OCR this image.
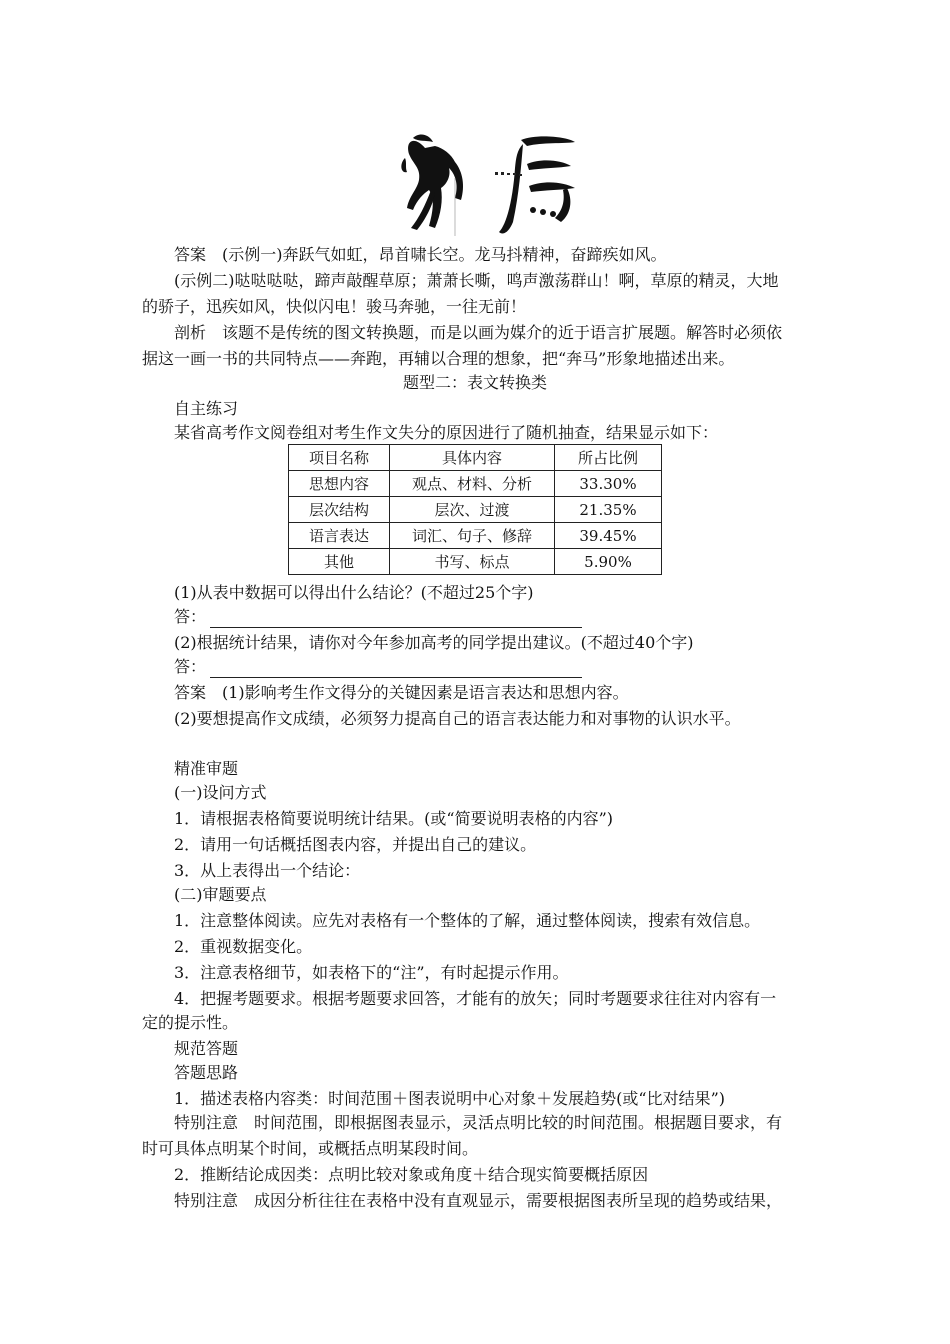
答案　(示例一)奔跃气如虹，昂首啸长空。龙马抖精神，奋蹄疾如风。
(示例二)哒哒哒哒，蹄声敲醒草原；萧萧长嘶，鸣声激荡群山！啊，草原的精灵，大地
的骄子，迅疾如风，快似闪电！骏马奔驰，一往无前！
剖析　该题不是传统的图文转换题，而是以画为媒介的近于语言扩展题。解答时必须依
据这一画一书的共同特点——奔跑，再辅以合理的想象，把“奔马”形象地描述出来。
题型二：表文转换类
自主练习
某省高考作文阅卷组对考生作文失分的原因进行了随机抽查，结果显示如下：
项目名称	具体内容	所占比例
思想内容	观点、材料、分析	33.30%
层次结构	层次、过渡	21.35%
语言表达	词汇、句子、修辞	39.45%
其他	书写、标点	5.90%
(1)从表中数据可以得出什么结论？(不超过25个字)
答：
(2)根据统计结果，请你对今年参加高考的同学提出建议。(不超过40个字)
答：
答案　(1)影响考生作文得分的关键因素是语言表达和思想内容。
(2)要想提高作文成绩，必须努力提高自己的语言表达能力和对事物的认识水平。
精准审题
(一)设问方式
1．请根据表格简要说明统计结果。(或“简要说明表格的内容”)
2．请用一句话概括图表内容，并提出自己的建议。
3．从上表得出一个结论：
(二)审题要点
1．注意整体阅读。应先对表格有一个整体的了解，通过整体阅读，搜索有效信息。
2．重视数据变化。
3．注意表格细节，如表格下的“注”，有时起提示作用。
4．把握考题要求。根据考题要求回答，才能有的放矢；同时考题要求往往对内容有一
定的提示性。
规范答题
答题思路
1．描述表格内容类：时间范围＋图表说明中心对象＋发展趋势(或“比对结果”)
特别注意　时间范围，即根据图表显示，灵活点明比较的时间范围。根据题目要求，有
时可具体点明某个时间，或概括点明某段时间。
2．推断结论成因类：点明比较对象或角度＋结合现实简要概括原因
特别注意　成因分析往往在表格中没有直观显示，需要根据图表所呈现的趋势或结果，
